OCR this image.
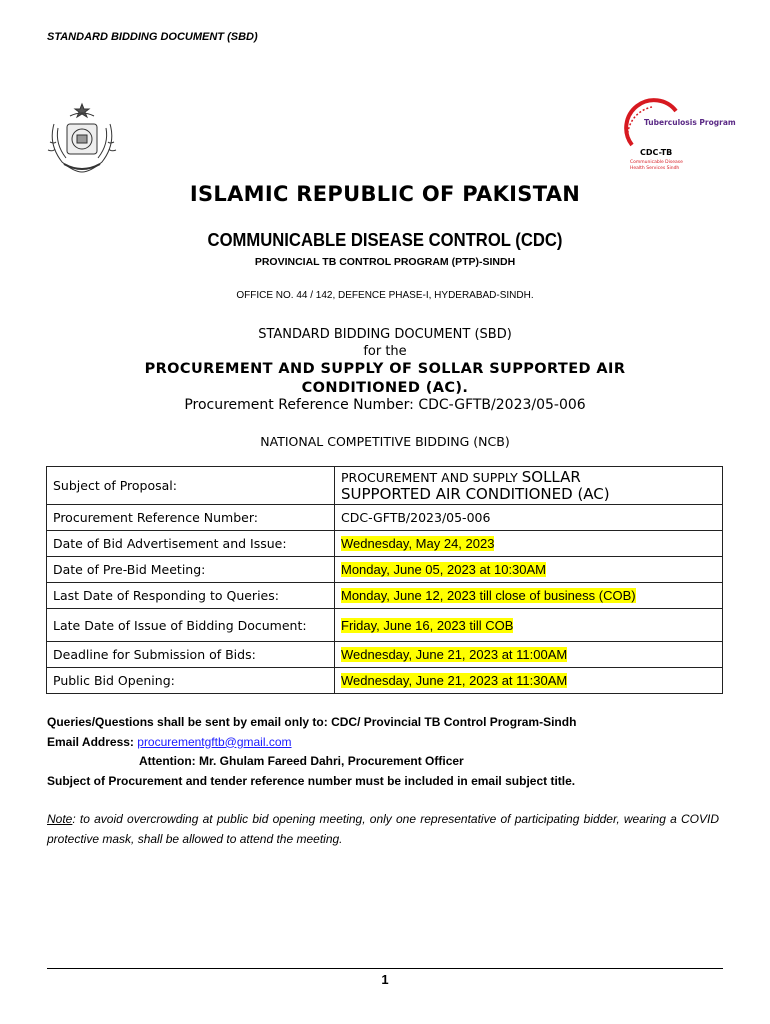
STANDARD BIDDING DOCUMENT (SBD)
Tuberculosis Program
CDC-TB
Communicable Disease
Health Services Sindh
ISLAMIC REPUBLIC OF PAKISTAN
COMMUNICABLE DISEASE CONTROL (CDC)
PROVINCIAL TB CONTROL PROGRAM (PTP)-SINDH
OFFICE NO. 44 / 142, DEFENCE PHASE-I, HYDERABAD-SINDH.
STANDARD BIDDING DOCUMENT (SBD)
for the
PROCUREMENT AND SUPPLY OF SOLLAR SUPPORTED AIR CONDITIONED (AC).
Procurement Reference Number: CDC-GFTB/2023/05-006
NATIONAL COMPETITIVE BIDDING (NCB)
Subject of Proposal:	PROCUREMENT AND SUPPLY SOLLAR
SUPPORTED AIR CONDITIONED (AC)
Procurement Reference Number:	CDC-GFTB/2023/05-006
Date of Bid Advertisement and Issue:	Wednesday, May 24, 2023
Date of Pre-Bid Meeting:	Monday, June 05, 2023 at 10:30AM
Last Date of Responding to Queries:	Monday, June 12, 2023 till close of business (COB)
Late Date of Issue of Bidding Document:	Friday, June 16, 2023 till COB
Deadline for Submission of Bids:	Wednesday, June 21, 2023 at 11:00AM
Public Bid Opening:	Wednesday, June 21, 2023 at 11:30AM
Queries/Questions shall be sent by email only to: CDC/ Provincial TB Control Program-Sindh
Email Address: procurementgftb@gmail.com
Attention: Mr. Ghulam Fareed Dahri, Procurement Officer
Subject of Procurement and tender reference number must be included in email subject title.
Note: to avoid overcrowding at public bid opening meeting, only one representative of participating bidder, wearing a COVID protective mask, shall be allowed to attend the meeting.
1
